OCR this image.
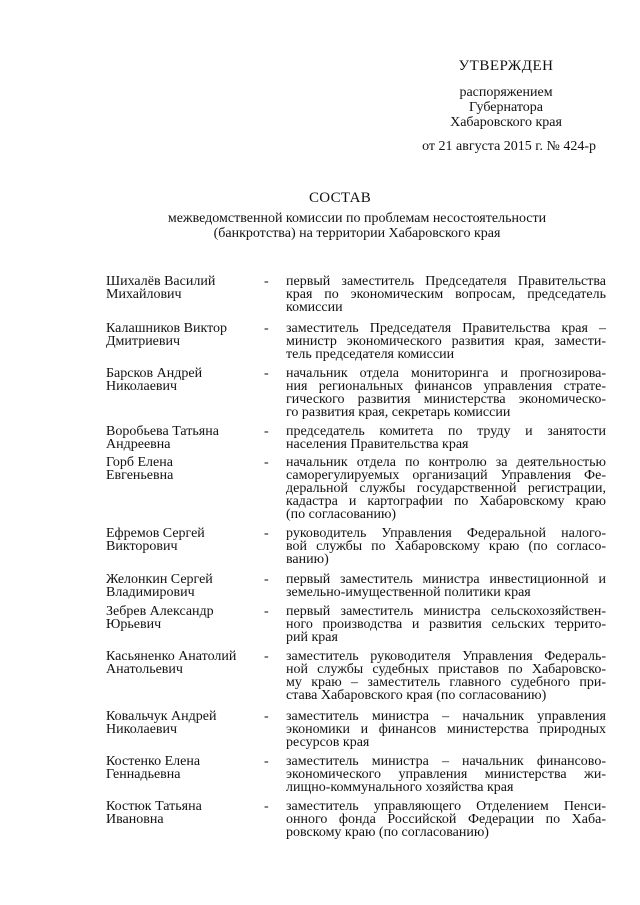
УТВЕРЖДЕН
распоряжением
Губернатора
Хабаровского края
от 21 августа 2015 г. № 424-р
СОСТАВ
межведомственной комиссии по проблемам несостоятельности
(банкротства) на территории Хабаровского края
Шихалёв Василий
Михайлович
-	первый заместитель Председателя Правительства
края по экономическим вопросам, председатель
комиссии
Калашников Виктор
Дмитриевич
-	заместитель Председателя Правительства края –
министр экономического развития края, замести-
тель председателя комиссии
Барсков Андрей
Николаевич
-	начальник отдела мониторинга и прогнозирова-
ния региональных финансов управления страте-
гического развития министерства экономическо-
го развития края, секретарь комиссии
Воробьева Татьяна
Андреевна
-	председатель комитета по труду и занятости
населения Правительства края
Горб Елена
Евгеньевна
-	начальник отдела по контролю за деятельностью
саморегулируемых организаций Управления Фе-
деральной службы государственной регистрации,
кадастра и картографии по Хабаровскому краю
(по согласованию)
Ефремов Сергей
Викторович
-	руководитель Управления Федеральной налого-
вой службы по Хабаровскому краю (по согласо-
ванию)
Желонкин Сергей
Владимирович
-	первый заместитель министра инвестиционной и
земельно-имущественной политики края
Зебрев Александр
Юрьевич
-	первый заместитель министра сельскохозяйствен-
ного производства и развития сельских террито-
рий края
Касьяненко Анатолий
Анатольевич
-	заместитель руководителя Управления Федераль-
ной службы судебных приставов по Хабаровско-
му краю – заместитель главного судебного при-
става Хабаровского края (по согласованию)
Ковальчук Андрей
Николаевич
-	заместитель министра – начальник управления
экономики и финансов министерства природных
ресурсов края
Костенко Елена
Геннадьевна
-	заместитель министра – начальник финансово-
экономического управления министерства жи-
лищно-коммунального хозяйства края
Костюк Татьяна
Ивановна
-	заместитель управляющего Отделением Пенси-
онного фонда Российской Федерации по Хаба-
ровскому краю (по согласованию)
